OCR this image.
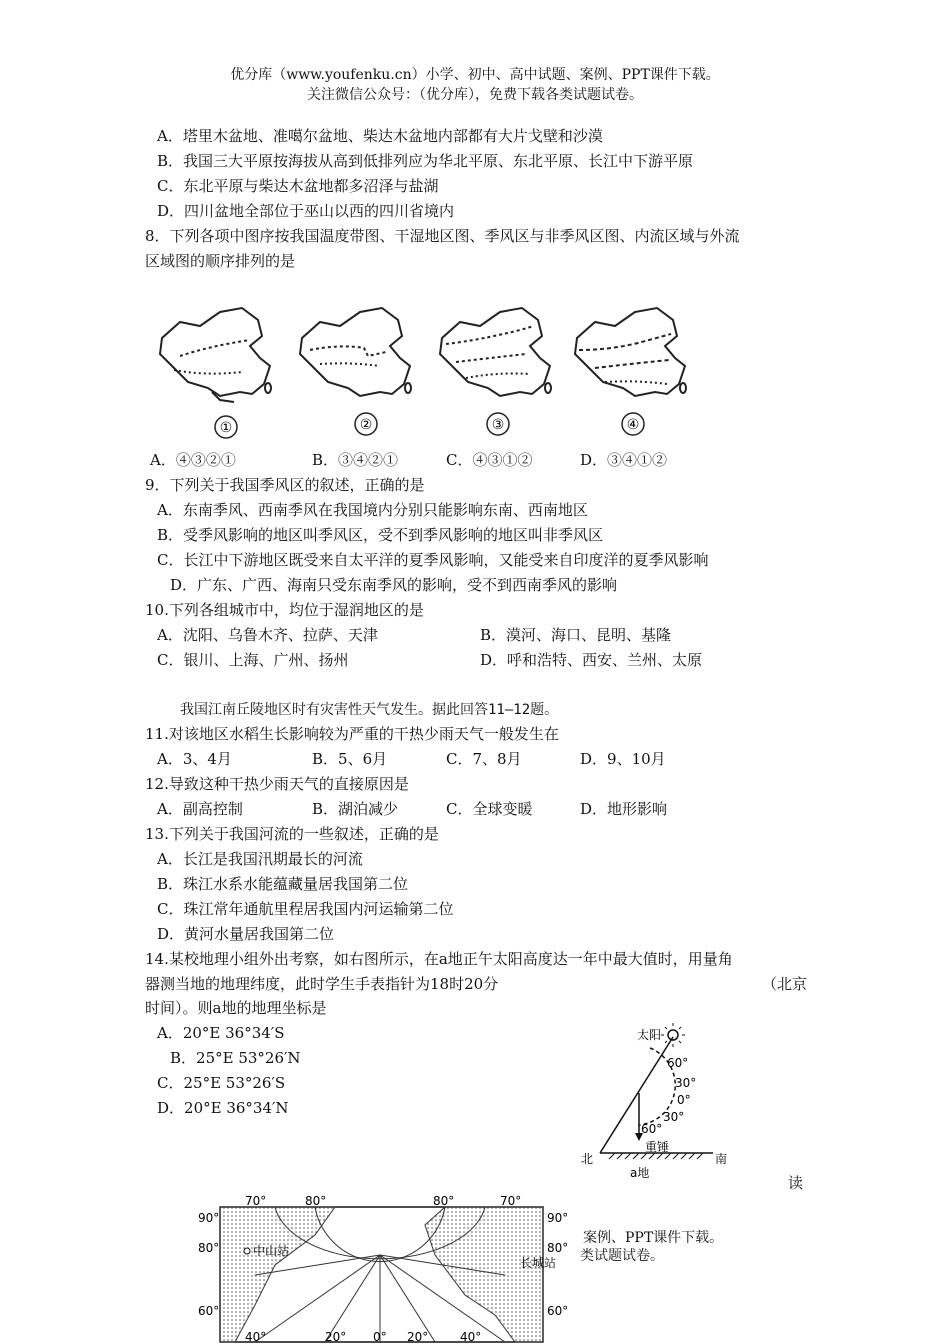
优分库（www.youfenku.cn）小学、初中、高中试题、案例、PPT课件下载。
关注微信公众号：（优分库），免费下载各类试题试卷。
A．塔里木盆地、准噶尔盆地、柴达木盆地内部都有大片戈壁和沙漠
B．我国三大平原按海拔从高到低排列应为华北平原、东北平原、长江中下游平原
C．东北平原与柴达木盆地都多沼泽与盐湖
D．四川盆地全部位于巫山以西的四川省境内
8．下列各项中图序按我国温度带图、干湿地区图、季风区与非季风区图、内流区域与外流
区域图的顺序排列的是
①	②	③	④
A．④③②①	B．③④②①	C．④③①②	D．③④①②
9．下列关于我国季风区的叙述，正确的是
A．东南季风、西南季风在我国境内分别只能影响东南、西南地区
B．受季风影响的地区叫季风区，受不到季风影响的地区叫非季风区
C．长江中下游地区既受来自太平洋的夏季风影响，又能受来自印度洋的夏季风影响
D．广东、广西、海南只受东南季风的影响，受不到西南季风的影响
10.下列各组城市中，均位于湿润地区的是
A．沈阳、乌鲁木齐、拉萨、天津	B．漠河、海口、昆明、基隆
C．银川、上海、广州、扬州	D．呼和浩特、西安、兰州、太原
我国江南丘陵地区时有灾害性天气发生。据此回答11—12题。
11.对该地区水稻生长影响较为严重的干热少雨天气一般发生在
A．3、4月	B．5、6月	C．7、8月	D．9、10月
12.导致这种干热少雨天气的直接原因是
A．副高控制	B．湖泊减少	C．全球变暖	D．地形影响
13.下列关于我国河流的一些叙述，正确的是
A．长江是我国汛期最长的河流
B．珠江水系水能蕴藏量居我国第二位
C．珠江常年通航里程居我国内河运输第二位
D．黄河水量居我国第二位
14.某校地理小组外出考察，如右图所示，在a地正午太阳高度达一年中最大值时，用量角
器测当地的地理纬度，此时学生手表指针为18时20分	（北京
时间）。则a地的地理坐标是
A．20°E 36°34′S
B．25°E 53°26′N
C．25°E 53°26′S
D．20°E 36°34′N
太阳
60°
30°
0°
30°
60°
重锤
北	南
a地
读
中山站
长城站
70°	80°	80°	70°
90°
80°
60°
90°
80°
60°
40°	20° 0° 20°	40°
案例、PPT课件下载。
类试题试卷。
